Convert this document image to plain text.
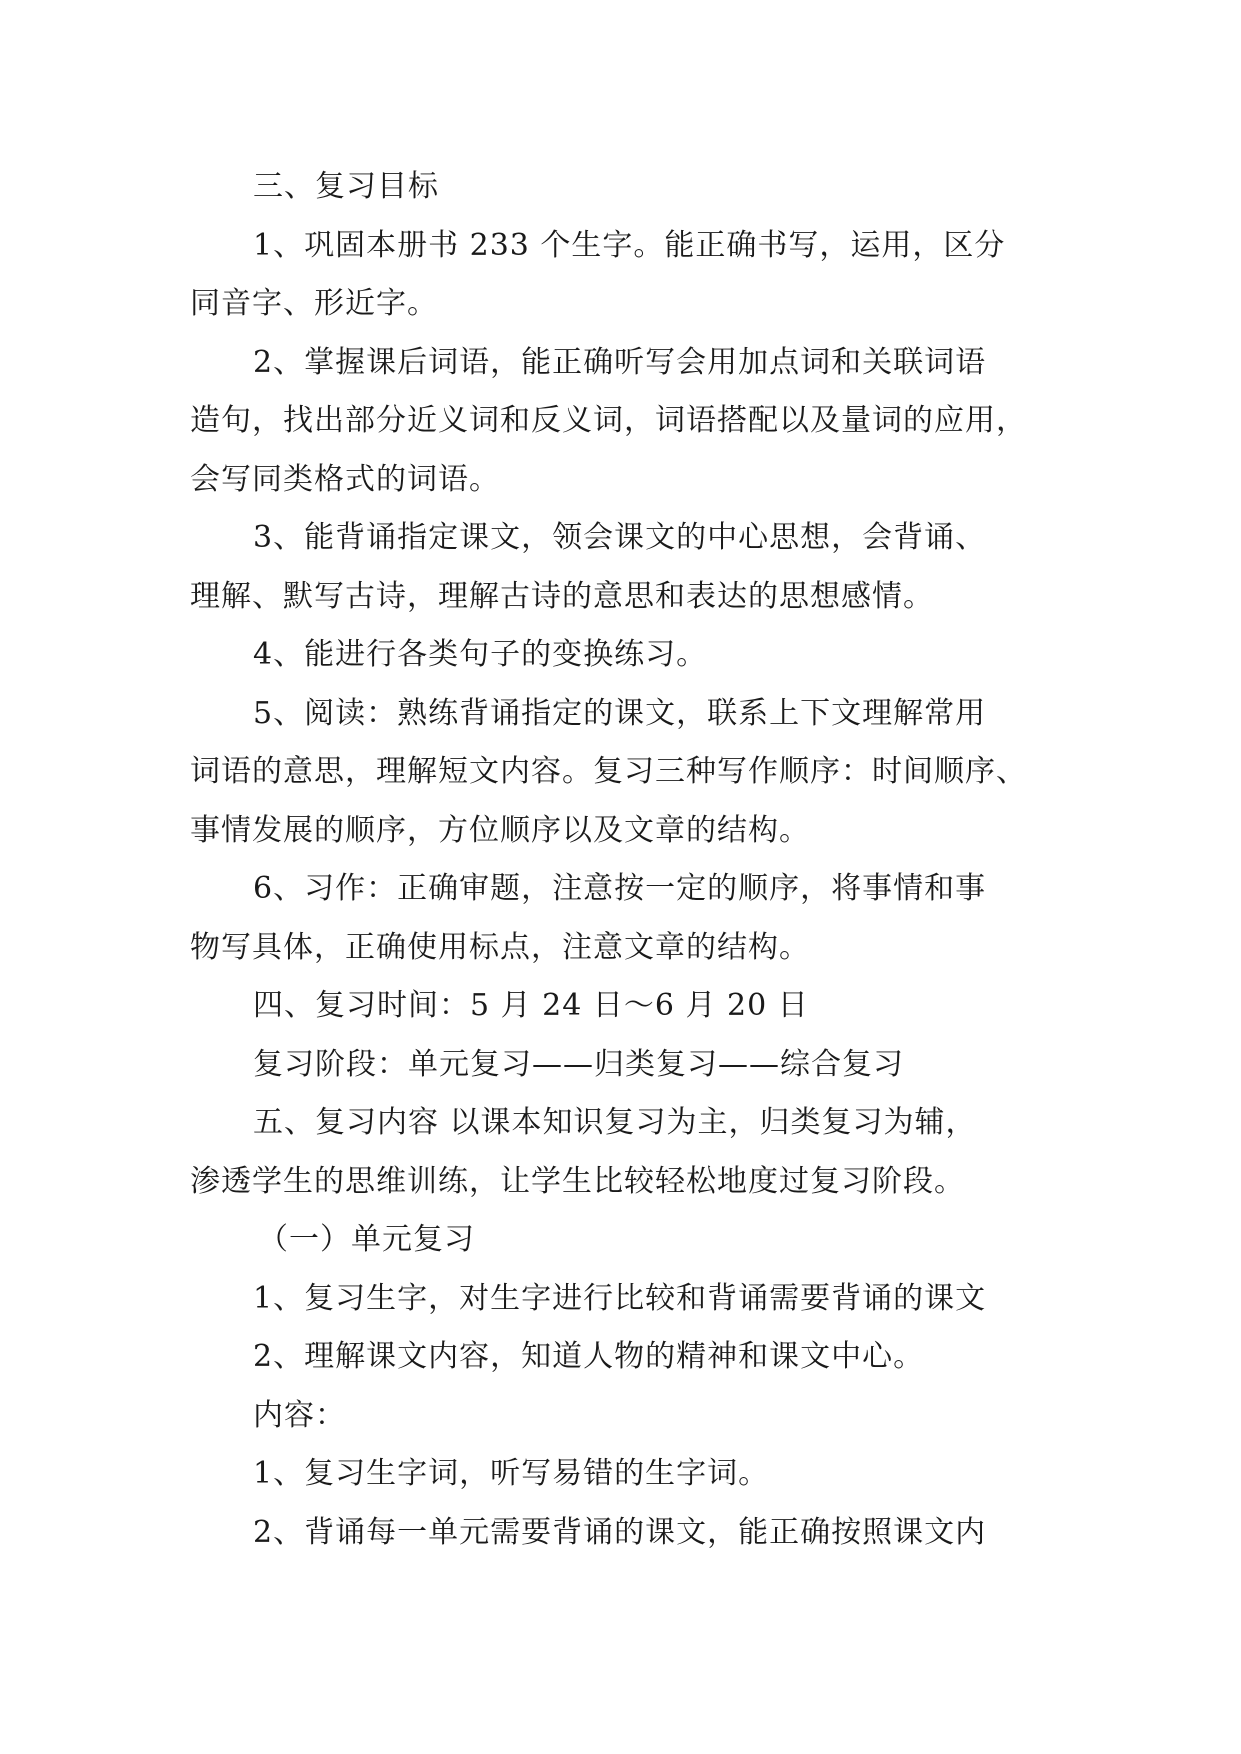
三、复习目标

1、巩固本册书 233 个生字。能正确书写，运用，区分
同音字、形近字。

2、掌握课后词语，能正确听写会用加点词和关联词语
造句，找出部分近义词和反义词，词语搭配以及量词的应用，
会写同类格式的词语。

3、能背诵指定课文，领会课文的中心思想，会背诵、
理解、默写古诗，理解古诗的意思和表达的思想感情。

4、能进行各类句子的变换练习。

5、阅读：熟练背诵指定的课文，联系上下文理解常用
词语的意思，理解短文内容。复习三种写作顺序：时间顺序、
事情发展的顺序，方位顺序以及文章的结构。

6、习作：正确审题，注意按一定的顺序，将事情和事
物写具体，正确使用标点，注意文章的结构。

四、复习时间：5 月 24 日～6 月 20 日

复习阶段：单元复习——归类复习——综合复习

五、复习内容 以课本知识复习为主，归类复习为辅，
渗透学生的思维训练，让学生比较轻松地度过复习阶段。

（一）单元复习

1、复习生字，对生字进行比较和背诵需要背诵的课文

2、理解课文内容，知道人物的精神和课文中心。

内容：

1、复习生字词，听写易错的生字词。

2、背诵每一单元需要背诵的课文，能正确按照课文内
